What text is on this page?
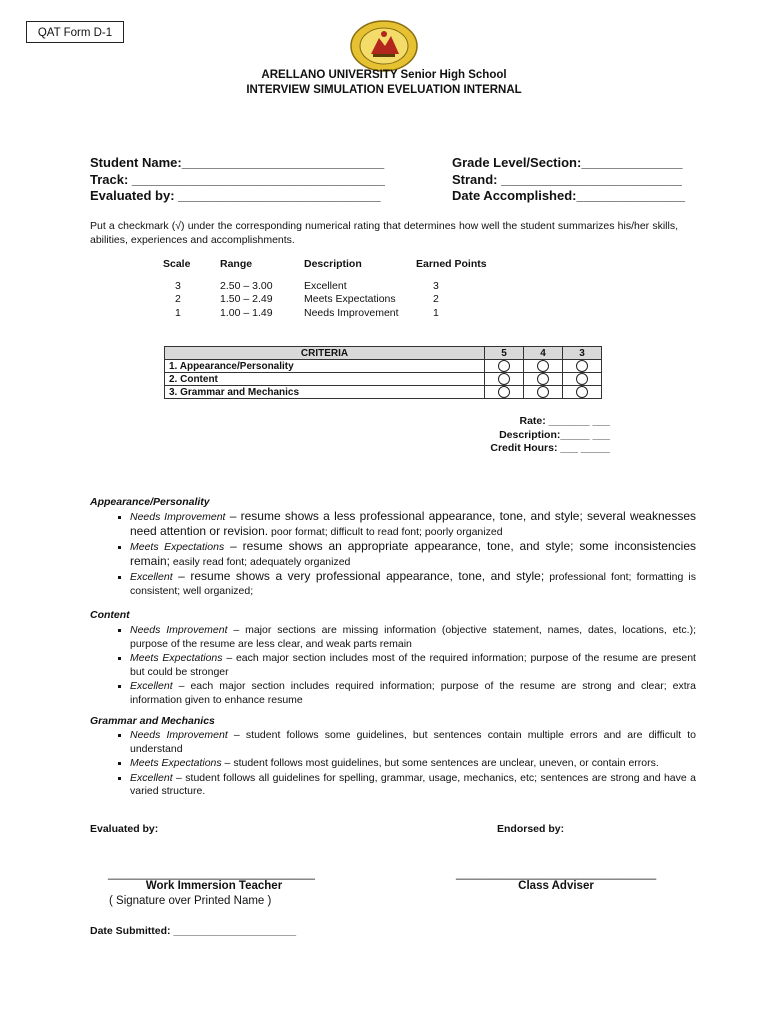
QAT Form D-1
ARELLANO UNIVERSITY Senior High School
INTERVIEW SIMULATION EVELUATION INTERNAL
Student Name:____________________________
Track: ___________________________________
Evaluated by: ____________________________
Grade Level/Section:______________
Strand: _________________________
Date Accomplished:_______________
Put a checkmark (√) under the corresponding numerical rating that determines how well the student summarizes his/her skills, abilities, experiences and accomplishments.
Scale	Range	Description	Earned Points
3	2.50 – 3.00	Excellent	3
2	1.50 – 2.49	Meets Expectations	2
1	1.00 – 1.49	Needs Improvement	1
CRITERIA	5	4	3
1. Appearance/Personality			
2. Content			
3. Grammar and Mechanics			
Rate: _______ ___
Description:_____ ___
Credit Hours: ___ _____
Appearance/Personality
▪ Needs Improvement – resume shows a less professional appearance, tone, and style; several weaknesses need attention or revision. poor format; difficult to read font; poorly organized
▪ Meets Expectations – resume shows an appropriate appearance, tone, and style; some inconsistencies remain; easily read font; adequately organized
▪ Excellent – resume shows a very professional appearance, tone, and style; professional font; formatting is consistent; well organized;
Content
▪ Needs Improvement – major sections are missing information (objective statement, names, dates, locations, etc.); purpose of the resume are less clear, and weak parts remain
▪ Meets Expectations – each major section includes most of the required information; purpose of the resume are present but could be stronger
▪ Excellent – each major section includes required information; purpose of the resume are strong and clear; extra information given to enhance resume
Grammar and Mechanics
▪ Needs Improvement – student follows some guidelines, but sentences contain multiple errors and are difficult to understand
▪ Meets Expectations – student follows most guidelines, but some sentences are unclear, uneven, or contain errors.
▪ Excellent – student follows all guidelines for spelling, grammar, usage, mechanics, etc; sentences are strong and have a varied structure.
Evaluated by:	Endorsed by:
_______________________________	______________________________
Work Immersion Teacher
( Signature over Printed Name )
Class Adviser
Date Submitted: _____________________
